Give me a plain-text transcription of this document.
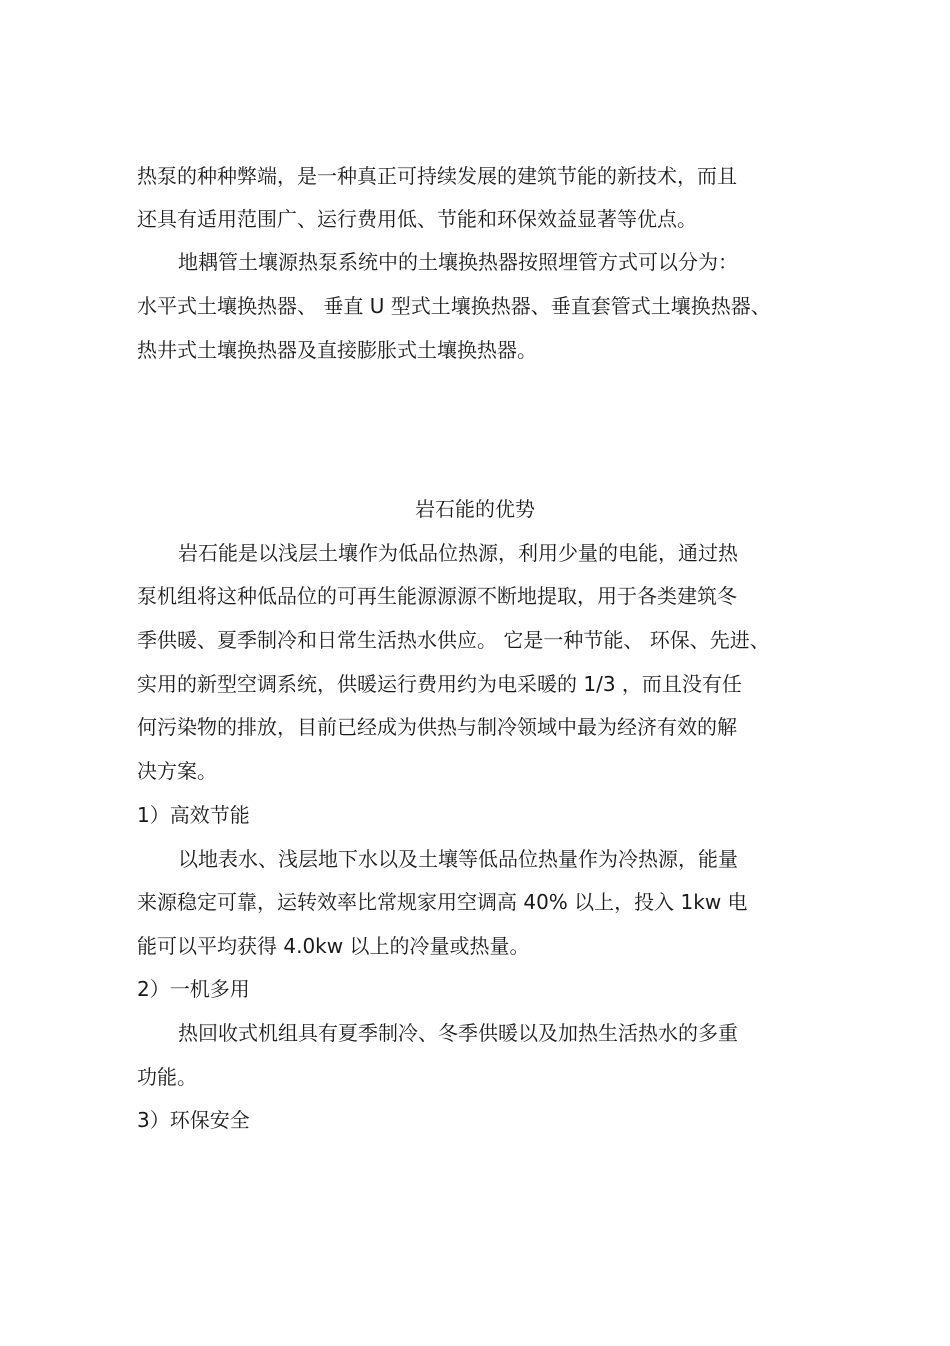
热泵的种种弊端，是一种真正可持续发展的建筑节能的新技术，而且
还具有适用范围广、运行费用低、节能和环保效益显著等优点。
地耦管土壤源热泵系统中的土壤换热器按照埋管方式可以分为：
水平式土壤换热器、 垂直 U 型式土壤换热器、垂直套管式土壤换热器、
热井式土壤换热器及直接膨胀式土壤换热器。
岩石能的优势
岩石能是以浅层土壤作为低品位热源，利用少量的电能，通过热
泵机组将这种低品位的可再生能源源源不断地提取，用于各类建筑冬
季供暖、夏季制冷和日常生活热水供应。 它是一种节能、 环保、先进、
实用的新型空调系统，供暖运行费用约为电采暖的 1/3 ，而且没有任
何污染物的排放，目前已经成为供热与制冷领域中最为经济有效的解
决方案。
1）高效节能
以地表水、浅层地下水以及土壤等低品位热量作为冷热源，能量
来源稳定可靠，运转效率比常规家用空调高 40% 以上，投入 1kw 电
能可以平均获得 4.0kw 以上的冷量或热量。
2）一机多用
热回收式机组具有夏季制冷、冬季供暖以及加热生活热水的多重
功能。
3）环保安全
